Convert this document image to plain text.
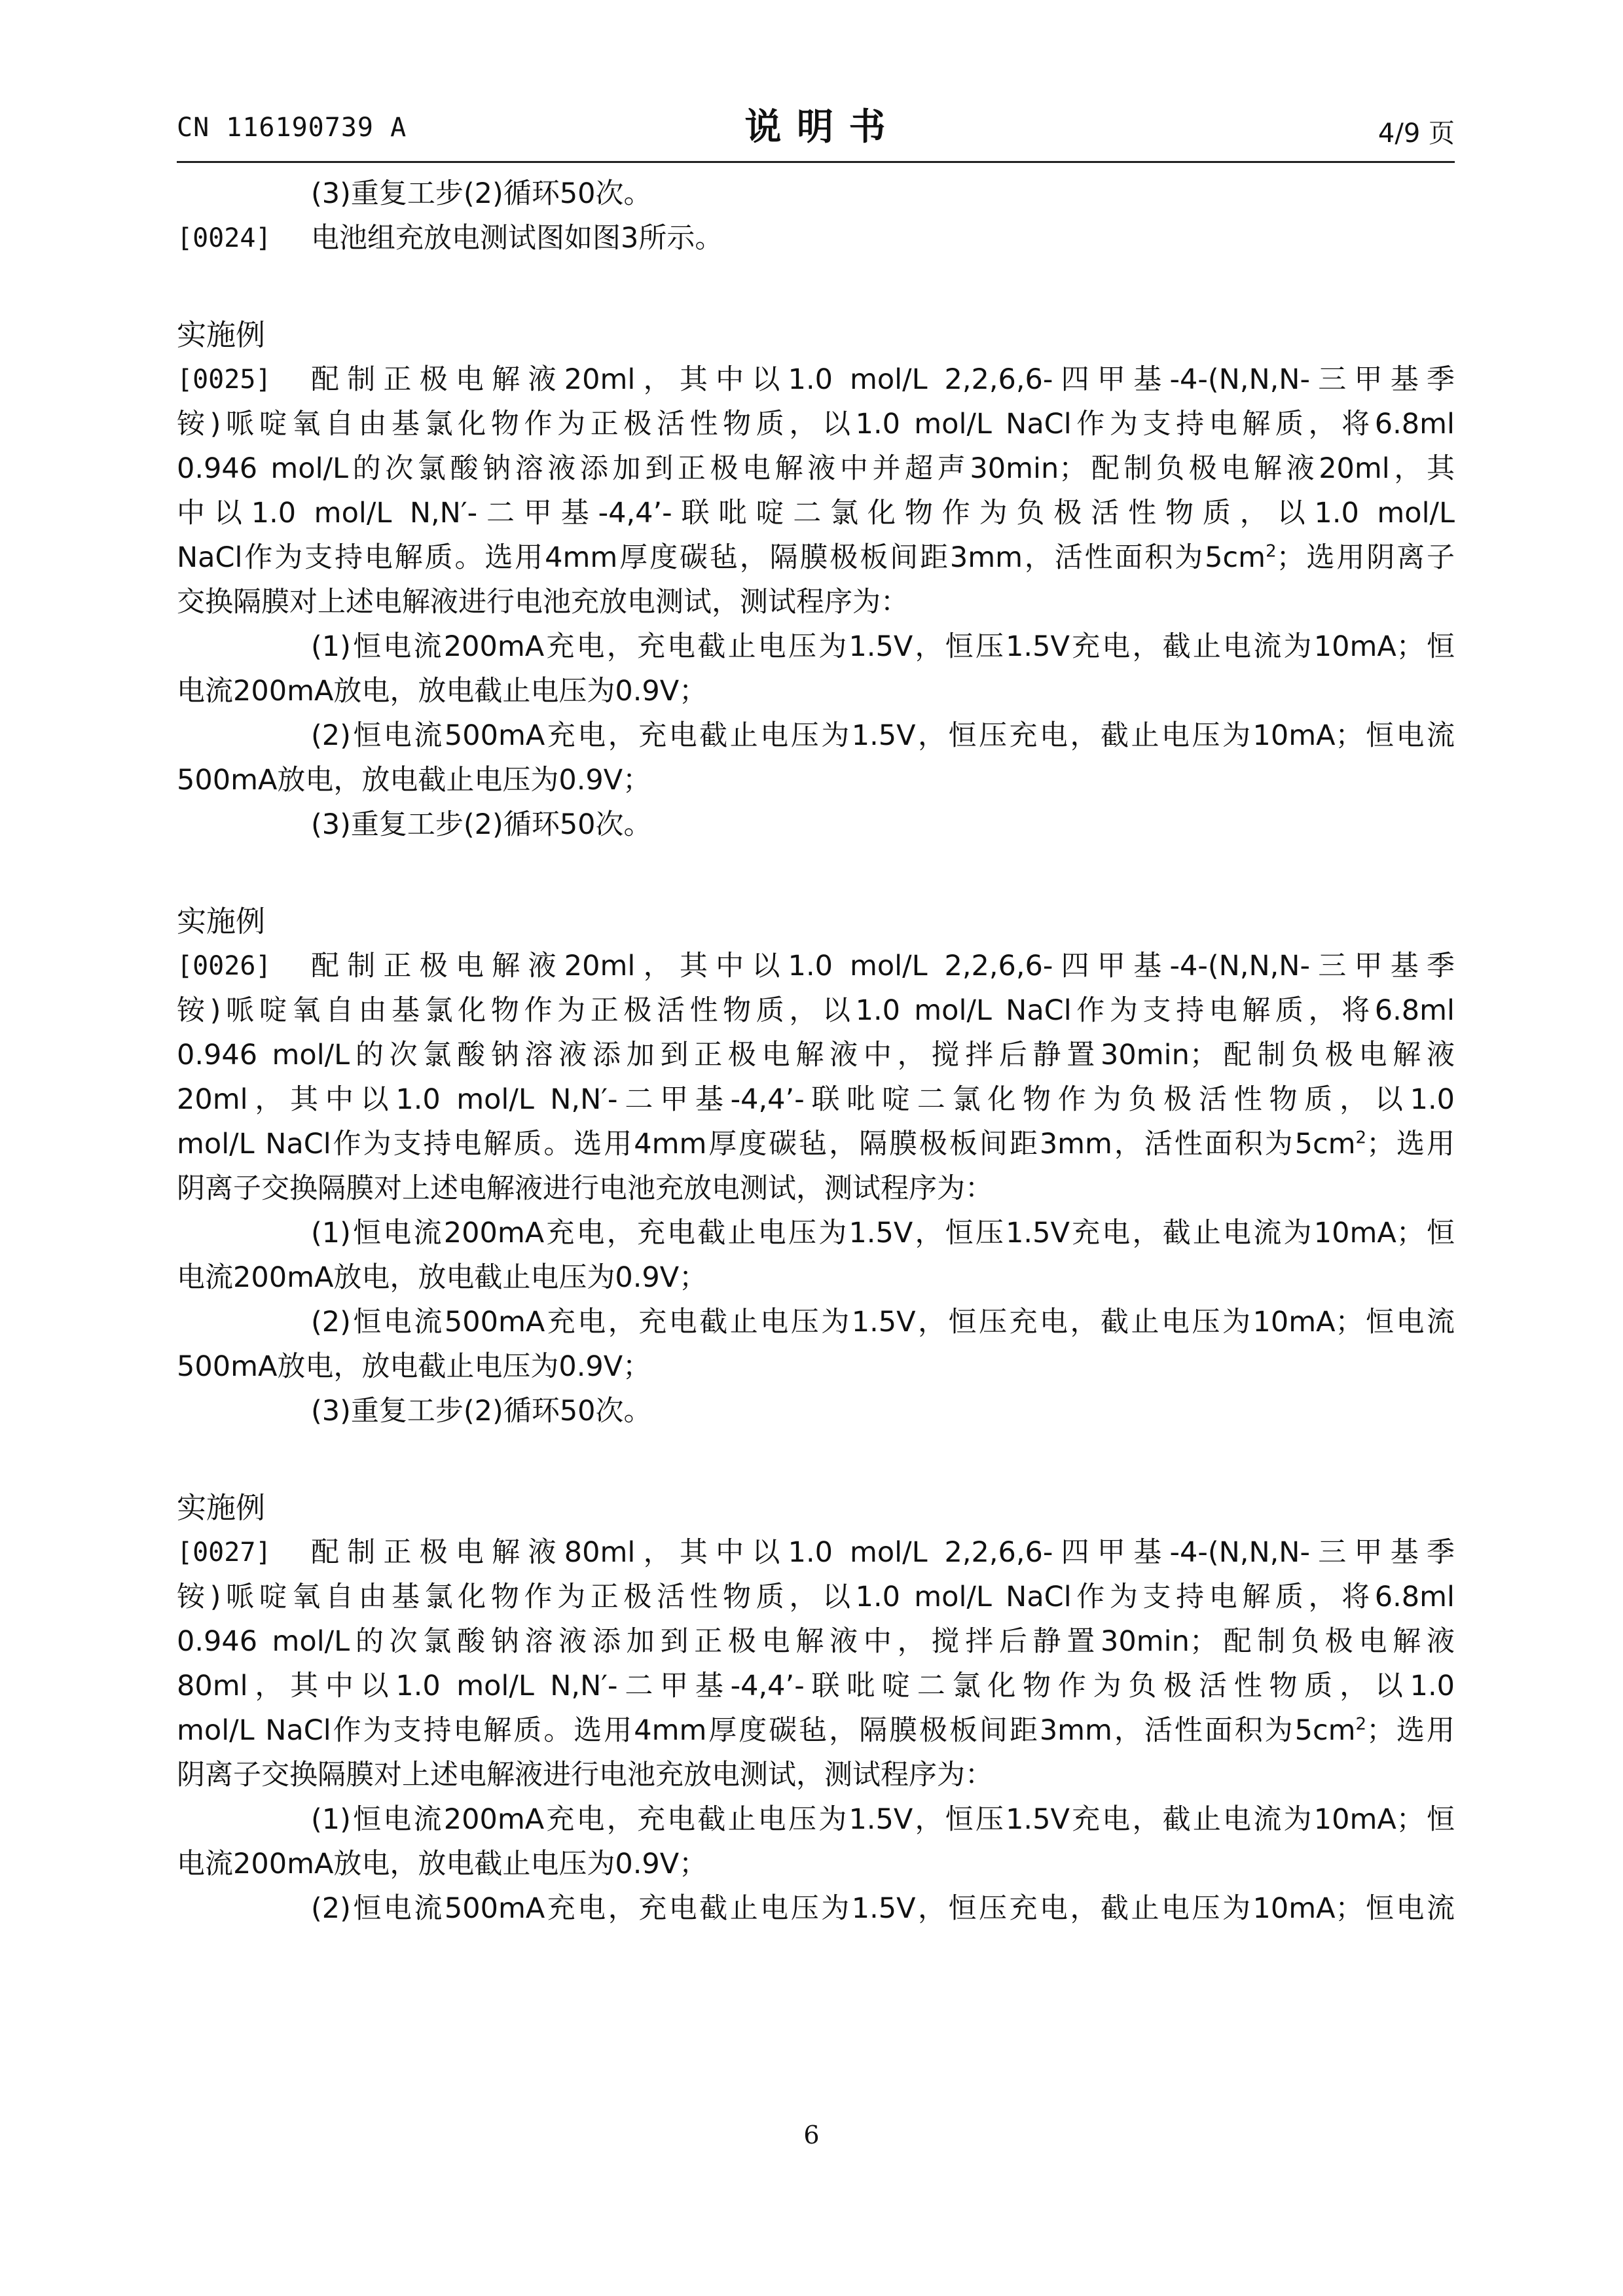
CN 116190739 A	说 明 书	4/9 页
(3)重复工步(2)循环50次。
[0024]	电池组充放电测试图如图3所示。
实施例
[0025]	配制正极电解液20ml，其中以1.0 mol/L 2,2,6,6-四甲基-4-(N,N,N-三甲基季
铵)哌啶氧自由基氯化物作为正极活性物质，以1.0 mol/L NaCl作为支持电解质，将6.8ml
0.946 mol/L的次氯酸钠溶液添加到正极电解液中并超声30min；配制负极电解液20ml，其
中以1.0 mol/L N,N′-二甲基-4,4’-联吡啶二氯化物作为负极活性物质，以1.0 mol/L
NaCl作为支持电解质。选用4mm厚度碳毡，隔膜极板间距3mm，活性面积为$5cm^2$；选用阴离子
交换隔膜对上述电解液进行电池充放电测试，测试程序为：
(1)恒电流200mA充电，充电截止电压为1.5V，恒压1.5V充电，截止电流为10mA；恒
电流200mA放电，放电截止电压为0.9V；
(2)恒电流500mA充电，充电截止电压为1.5V，恒压充电，截止电压为10mA；恒电流
500mA放电，放电截止电压为0.9V；
(3)重复工步(2)循环50次。
实施例
[0026]	配制正极电解液20ml，其中以1.0 mol/L 2,2,6,6-四甲基-4-(N,N,N-三甲基季
铵)哌啶氧自由基氯化物作为正极活性物质，以1.0 mol/L NaCl作为支持电解质，将6.8ml
0.946 mol/L的次氯酸钠溶液添加到正极电解液中，搅拌后静置30min；配制负极电解液
20ml，其中以1.0 mol/L N,N′-二甲基-4,4’-联吡啶二氯化物作为负极活性物质，以1.0
mol/L NaCl作为支持电解质。选用4mm厚度碳毡，隔膜极板间距3mm，活性面积为$5cm^2$；选用
阴离子交换隔膜对上述电解液进行电池充放电测试，测试程序为：
(1)恒电流200mA充电，充电截止电压为1.5V，恒压1.5V充电，截止电流为10mA；恒
电流200mA放电，放电截止电压为0.9V；
(2)恒电流500mA充电，充电截止电压为1.5V，恒压充电，截止电压为10mA；恒电流
500mA放电，放电截止电压为0.9V；
(3)重复工步(2)循环50次。
实施例
[0027]	配制正极电解液80ml，其中以1.0 mol/L 2,2,6,6-四甲基-4-(N,N,N-三甲基季
铵)哌啶氧自由基氯化物作为正极活性物质，以1.0 mol/L NaCl作为支持电解质，将6.8ml
0.946 mol/L的次氯酸钠溶液添加到正极电解液中，搅拌后静置30min；配制负极电解液
80ml，其中以1.0 mol/L N,N′-二甲基-4,4’-联吡啶二氯化物作为负极活性物质，以1.0
mol/L NaCl作为支持电解质。选用4mm厚度碳毡，隔膜极板间距3mm，活性面积为$5cm^2$；选用
阴离子交换隔膜对上述电解液进行电池充放电测试，测试程序为：
(1)恒电流200mA充电，充电截止电压为1.5V，恒压1.5V充电，截止电流为10mA；恒
电流200mA放电，放电截止电压为0.9V；
(2)恒电流500mA充电，充电截止电压为1.5V，恒压充电，截止电压为10mA；恒电流
6
